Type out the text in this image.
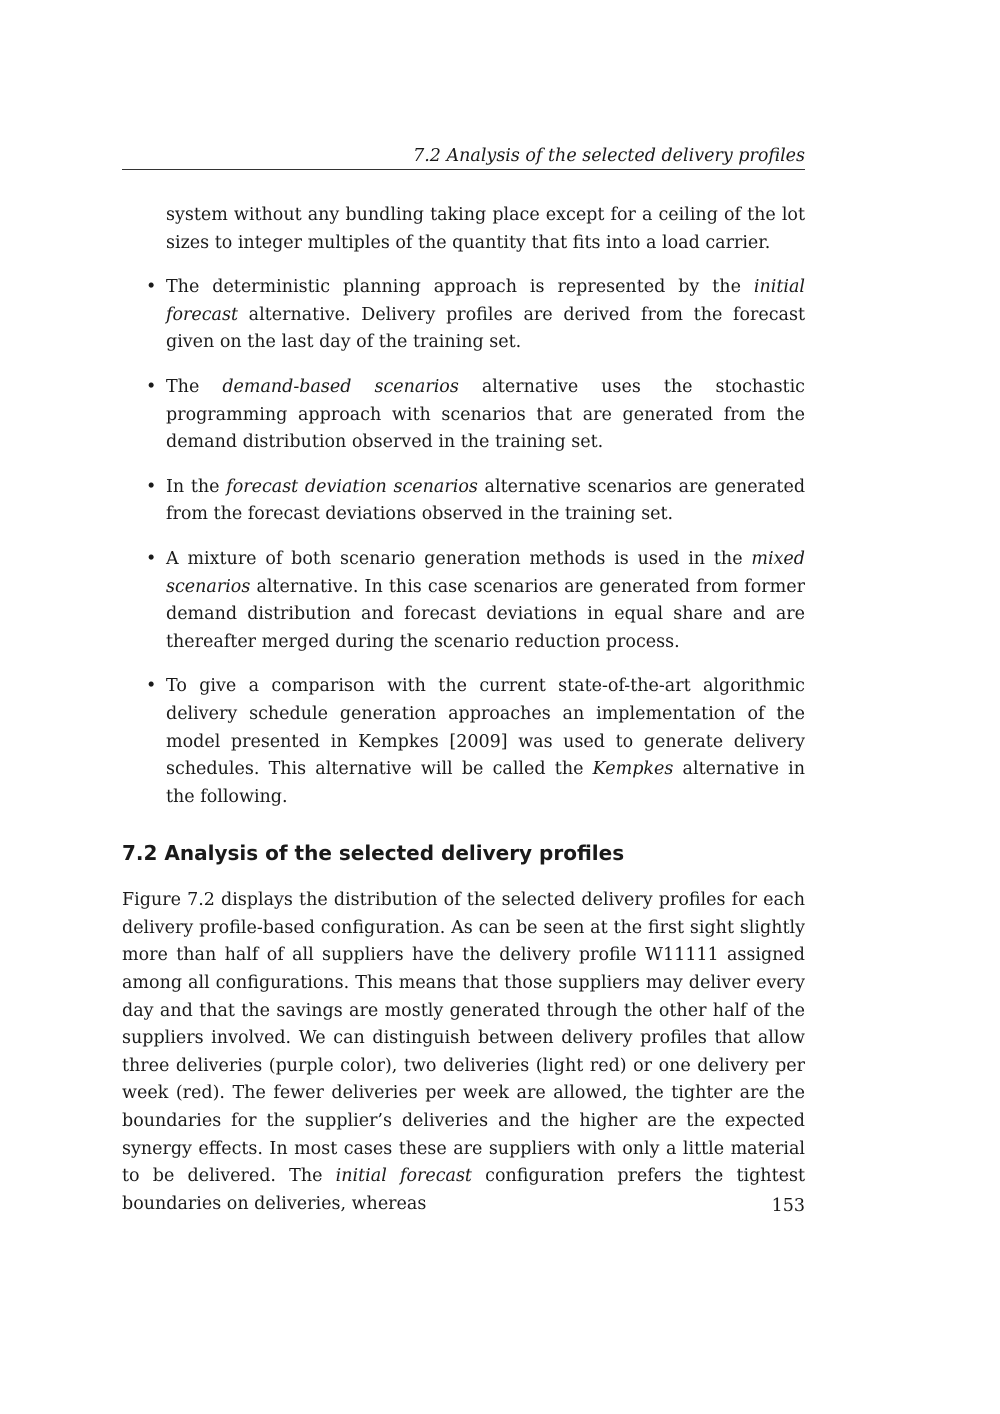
7.2 Analysis of the selected delivery profiles

system without any bundling taking place except for a ceiling of the lot sizes to integer multiples of the quantity that fits into a load carrier.

• The deterministic planning approach is represented by the initial forecast alternative. Delivery profiles are derived from the forecast given on the last day of the training set.
• The demand-based scenarios alternative uses the stochastic programming approach with scenarios that are generated from the demand distribution observed in the training set.
• In the forecast deviation scenarios alternative scenarios are generated from the forecast deviations observed in the training set.
• A mixture of both scenario generation methods is used in the mixed scenarios alternative. In this case scenarios are generated from former demand distribution and forecast deviations in equal share and are thereafter merged during the scenario reduction process.
• To give a comparison with the current state-of-the-art algorithmic delivery schedule generation approaches an implementation of the model presented in Kempkes [2009] was used to generate delivery schedules. This alternative will be called the Kempkes alternative in the following.
7.2 Analysis of the selected delivery profiles

Figure 7.2 displays the distribution of the selected delivery profiles for each delivery profile-based configuration. As can be seen at the first sight slightly more than half of all suppliers have the delivery profile W11111 assigned among all configurations. This means that those suppliers may deliver every day and that the savings are mostly generated through the other half of the suppliers involved. We can distinguish between delivery profiles that allow three deliveries (purple color), two deliveries (light red) or one delivery per week (red). The fewer deliveries per week are allowed, the tighter are the boundaries for the supplier’s deliveries and the higher are the expected synergy effects. In most cases these are suppliers with only a little material to be delivered. The initial forecast configuration prefers the tightest boundaries on deliveries, whereas	153
